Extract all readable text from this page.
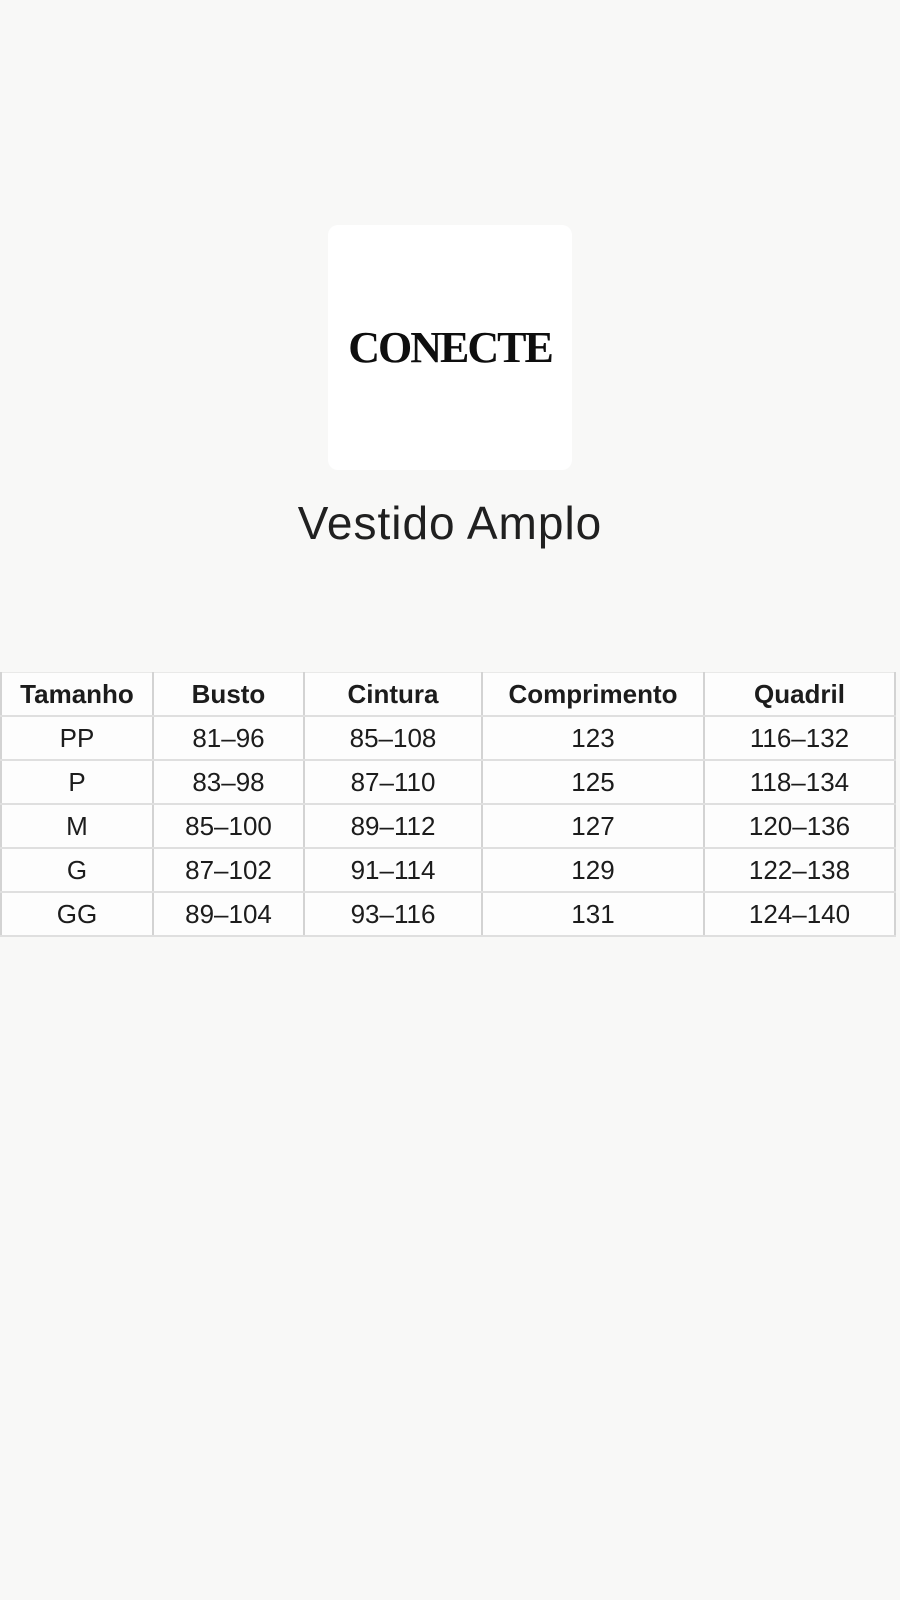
CONECTE
Vestido Amplo
Tamanho	Busto	Cintura	Comprimento	Quadril
PP	81–96	85–108	123	116–132
P	83–98	87–110	125	118–134
M	85–100	89–112	127	120–136
G	87–102	91–114	129	122–138
GG	89–104	93–116	131	124–140
